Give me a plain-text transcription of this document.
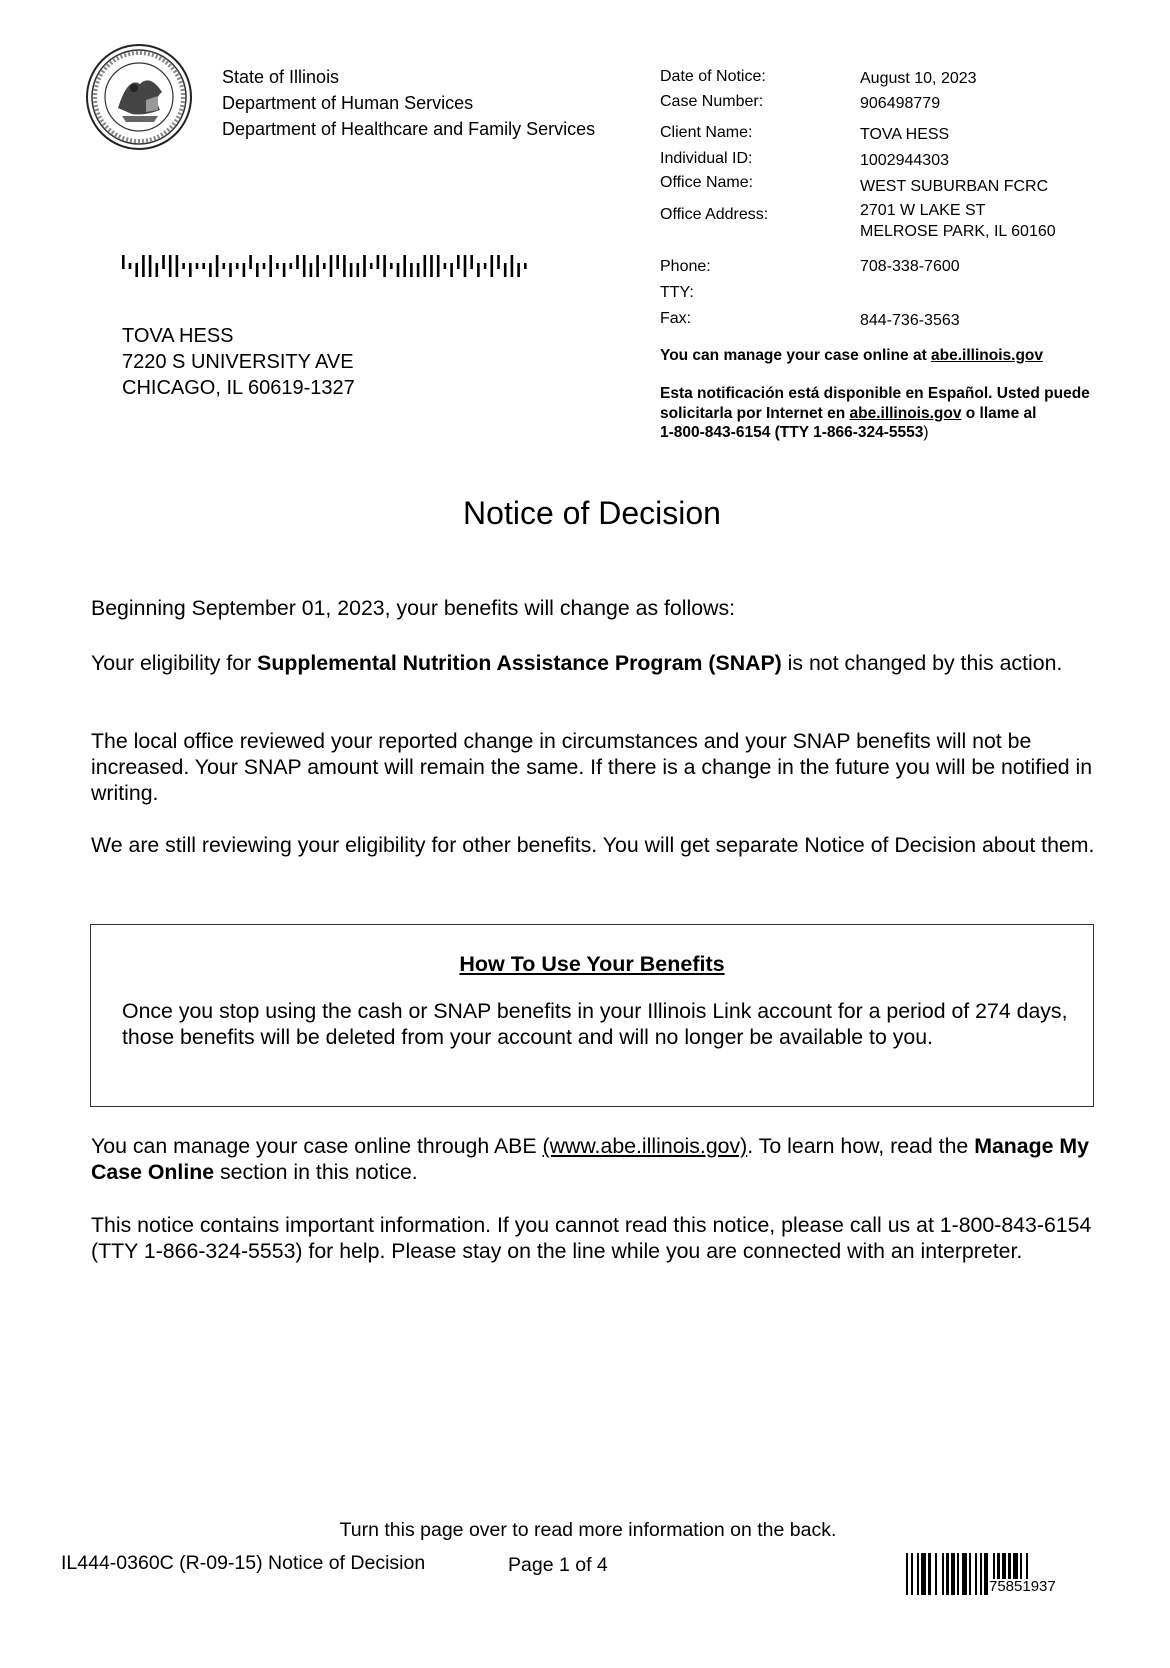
State of Illinois
Department of Human Services
Department of Healthcare and Family Services
Date of Notice:	August 10, 2023
Case Number:	906498779
Client Name:	TOVA HESS
Individual ID:	1002944303
Office Name:	WEST SUBURBAN FCRC
Office Address:	2701 W LAKE ST
MELROSE PARK, IL 60160
Phone:	708-338-7600
TTY:
Fax:	844-736-3563
TOVA HESS
7220 S UNIVERSITY AVE
CHICAGO, IL 60619-1327
You can manage your case online at abe.illinois.gov
Esta notificación está disponible en Español. Usted puede
solicitarla por Internet en abe.illinois.gov o llame al
1-800-843-6154 (TTY 1-866-324-5553)
Notice of Decision
Beginning September 01, 2023, your benefits will change as follows:
Your eligibility for Supplemental Nutrition Assistance Program (SNAP) is not changed by this action.
The local office reviewed your reported change in circumstances and your SNAP benefits will not be increased. Your SNAP amount will remain the same. If there is a change in the future you will be notified in writing.
We are still reviewing your eligibility for other benefits. You will get separate Notice of Decision about them.
How To Use Your Benefits
Once you stop using the cash or SNAP benefits in your Illinois Link account for a period of 274 days, those benefits will be deleted from your account and will no longer be available to you.
You can manage your case online through ABE (www.abe.illinois.gov). To learn how, read the Manage My Case Online section in this notice.
This notice contains important information. If you cannot read this notice, please call us at 1-800-843-6154 (TTY 1-866-324-5553) for help. Please stay on the line while you are connected with an interpreter.
Turn this page over to read more information on the back.
IL444-0360C (R-09-15) Notice of Decision	Page 1 of 4
75851937
